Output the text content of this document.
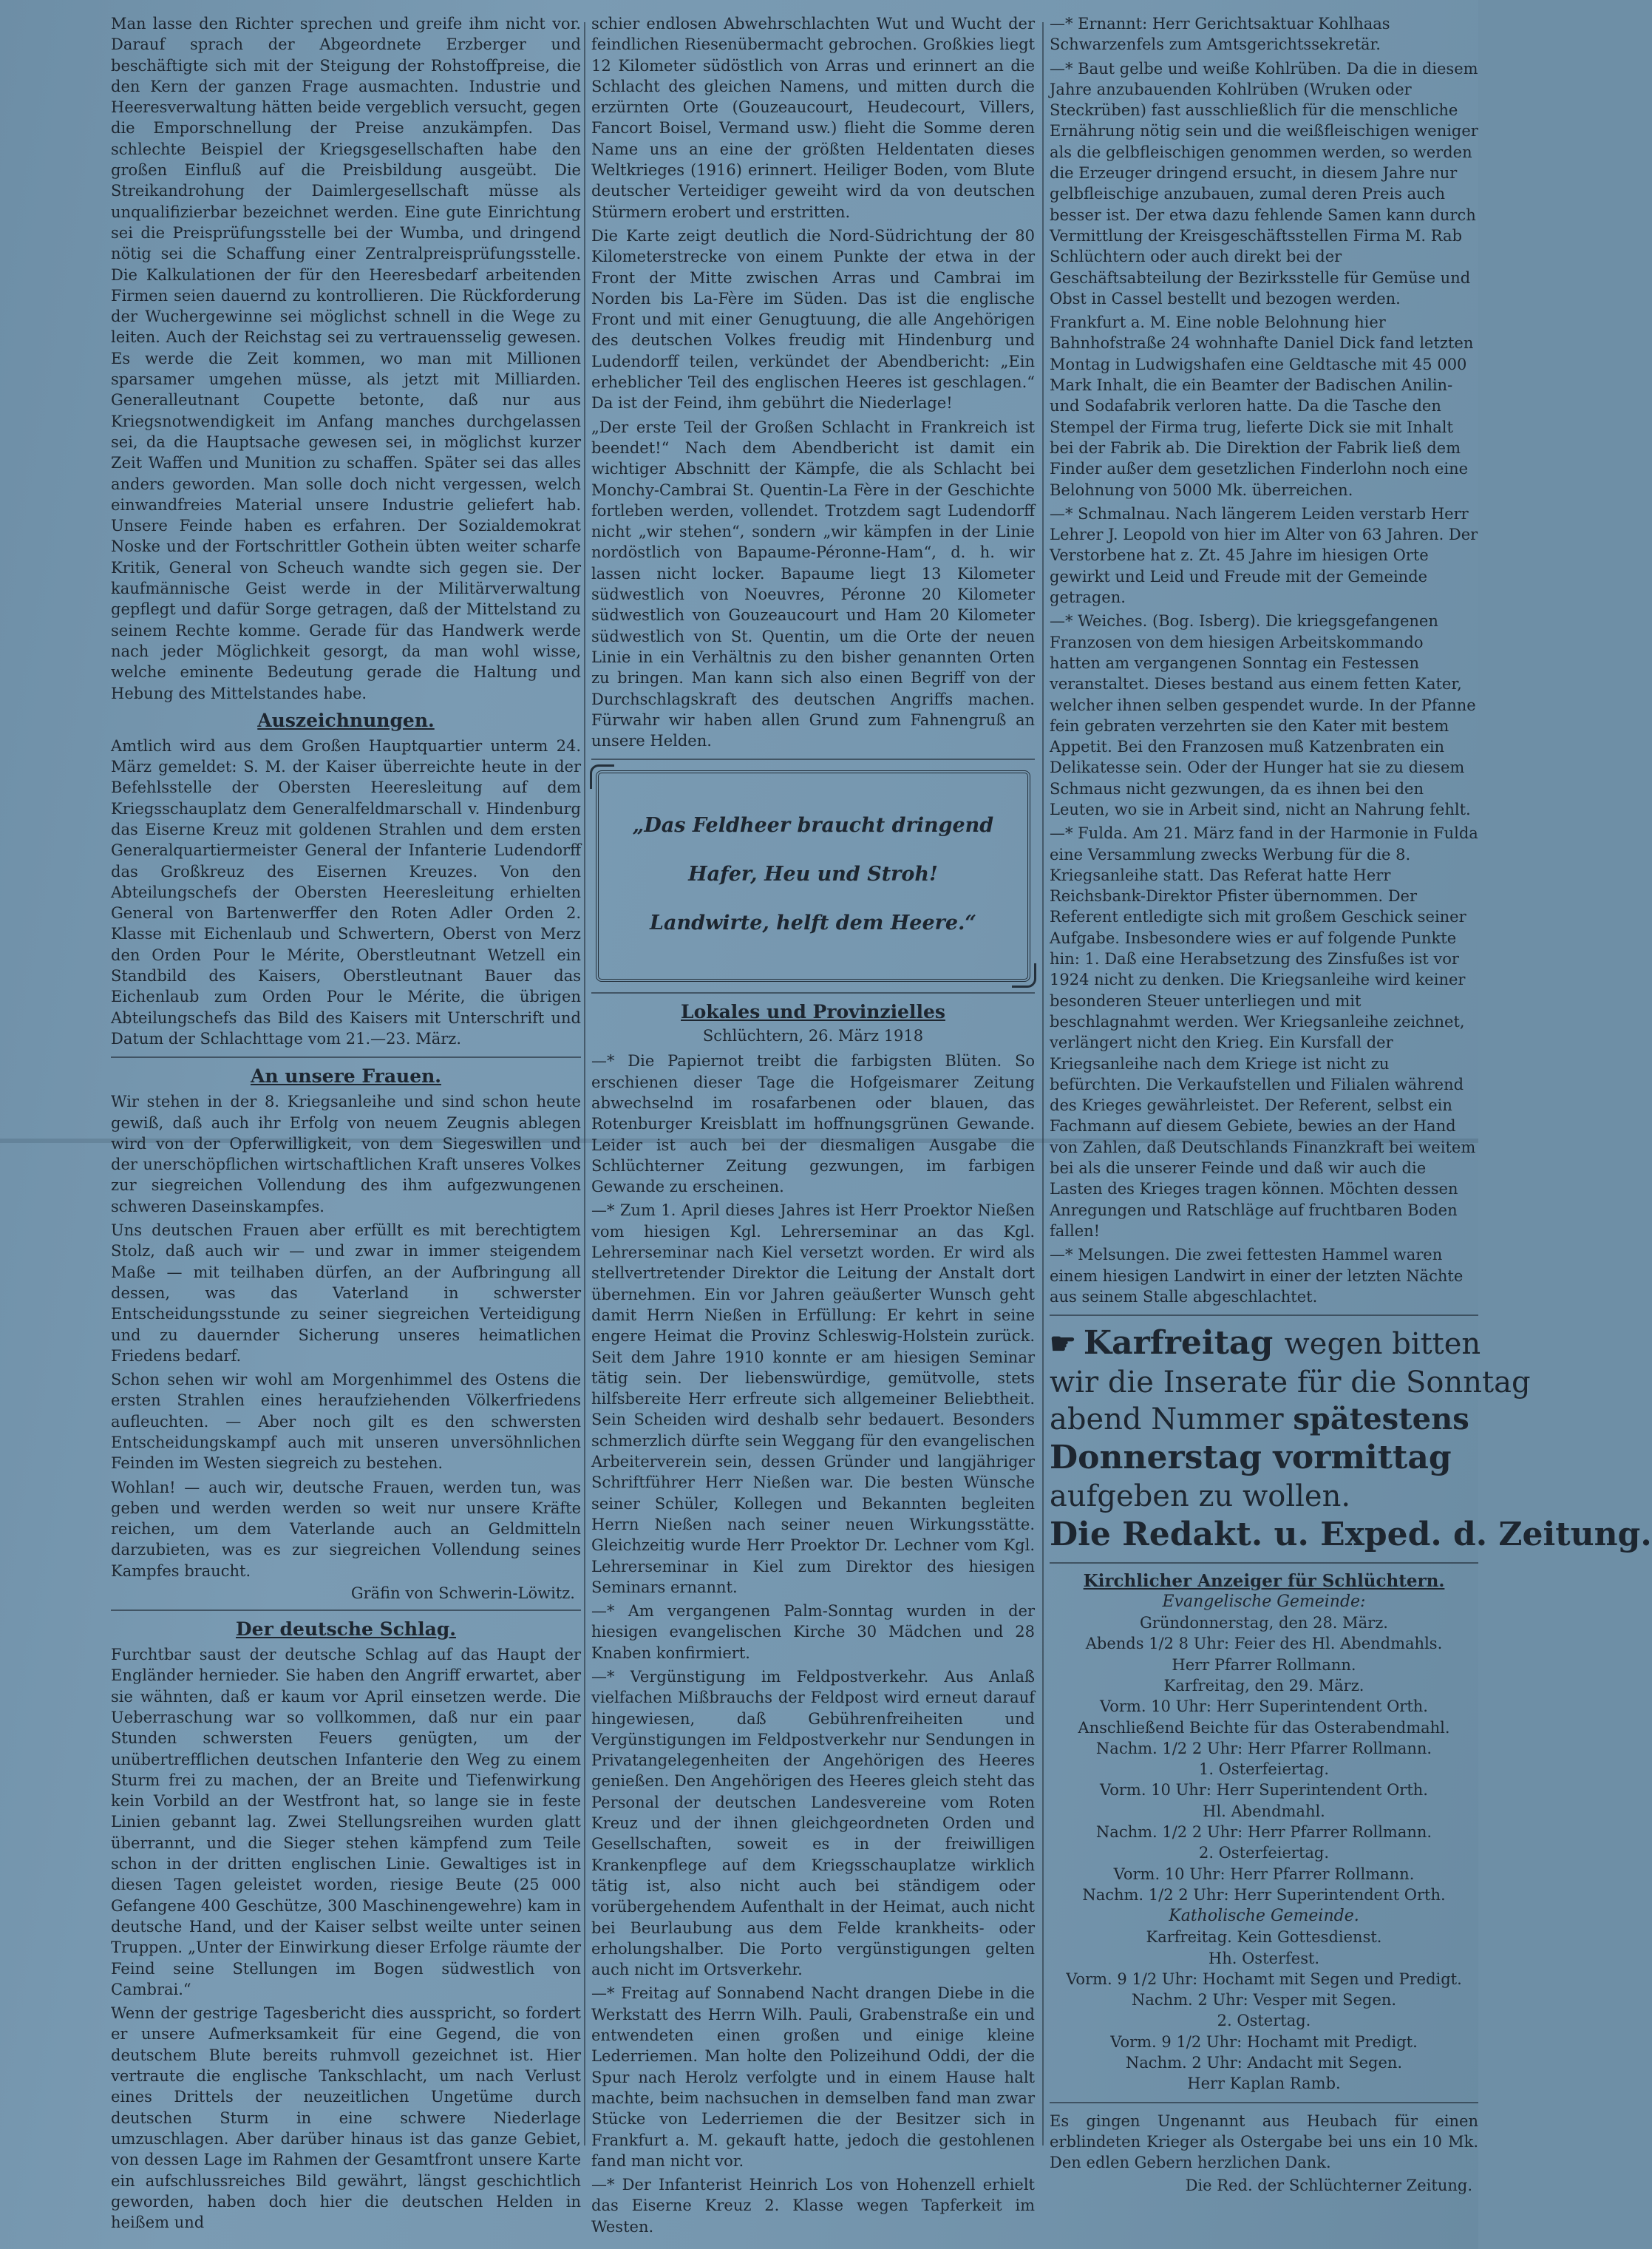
Man lasse den Richter sprechen und greife ihm nicht vor. Darauf sprach der Abgeordnete Erzberger und beschäftigte sich mit der Steigung der Rohstoffpreise, die den Kern der ganzen Frage ausmachten. Industrie und Heeresverwaltung hätten beide vergeblich versucht, gegen die Emporschnellung der Preise anzukämpfen. Das schlechte Beispiel der Kriegsgesellschaften habe den großen Einfluß auf die Preisbildung ausgeübt. Die Streikandrohung der Daimlergesellschaft müsse als unqualifizierbar bezeichnet werden. Eine gute Einrichtung sei die Preisprüfungsstelle bei der Wumba, und dringend nötig sei die Schaffung einer Zentralpreisprüfungsstelle. Die Kalkulationen der für den Heeresbedarf arbeitenden Firmen seien dauernd zu kontrollieren. Die Rückforderung der Wuchergewinne sei möglichst schnell in die Wege zu leiten. Auch der Reichstag sei zu vertrauensselig gewesen. Es werde die Zeit kommen, wo man mit Millionen sparsamer umgehen müsse, als jetzt mit Milliarden. Generalleutnant Coupette betonte, daß nur aus Kriegsnotwendigkeit im Anfang manches durchgelassen sei, da die Hauptsache gewesen sei, in möglichst kurzer Zeit Waffen und Munition zu schaffen. Später sei das alles anders geworden. Man solle doch nicht vergessen, welch einwandfreies Material unsere Industrie geliefert hab. Unsere Feinde haben es erfahren. Der Sozialdemokrat Noske und der Fortschrittler Gothein übten weiter scharfe Kritik, General von Scheuch wandte sich gegen sie. Der kaufmännische Geist werde in der Militärverwaltung gepflegt und dafür Sorge getragen, daß der Mittelstand zu seinem Rechte komme. Gerade für das Handwerk werde nach jeder Möglichkeit gesorgt, da man wohl wisse, welche eminente Bedeutung gerade die Haltung und Hebung des Mittelstandes habe.

Auszeichnungen.

Amtlich wird aus dem Großen Hauptquartier unterm 24. März gemeldet: S. M. der Kaiser überreichte heute in der Befehlsstelle der Obersten Heeresleitung auf dem Kriegsschauplatz dem Generalfeldmarschall v. Hindenburg das Eiserne Kreuz mit goldenen Strahlen und dem ersten Generalquartiermeister General der Infanterie Ludendorff das Großkreuz des Eisernen Kreuzes. Von den Abteilungschefs der Obersten Heeresleitung erhielten General von Bartenwerffer den Roten Adler Orden 2. Klasse mit Eichenlaub und Schwertern, Oberst von Merz den Orden Pour le Mérite, Oberstleutnant Wetzell ein Standbild des Kaisers, Oberstleutnant Bauer das Eichenlaub zum Orden Pour le Mérite, die übrigen Abteilungschefs das Bild des Kaisers mit Unterschrift und Datum der Schlachttage vom 21.—23. März.

An unsere Frauen.

Wir stehen in der 8. Kriegsanleihe und sind schon heute gewiß, daß auch ihr Erfolg von neuem Zeugnis ablegen wird von der Opferwilligkeit, von dem Siegeswillen und der unerschöpflichen wirtschaftlichen Kraft unseres Volkes zur siegreichen Vollendung des ihm aufgezwungenen schweren Daseinskampfes.

Uns deutschen Frauen aber erfüllt es mit berechtigtem Stolz, daß auch wir — und zwar in immer steigendem Maße — mit teilhaben dürfen, an der Aufbringung all dessen, was das Vaterland in schwerster Entscheidungsstunde zu seiner siegreichen Verteidigung und zu dauernder Sicherung unseres heimatlichen Friedens bedarf.

Schon sehen wir wohl am Morgenhimmel des Ostens die ersten Strahlen eines heraufziehenden Völkerfriedens aufleuchten. — Aber noch gilt es den schwersten Entscheidungskampf auch mit unseren unversöhnlichen Feinden im Westen siegreich zu bestehen.

Wohlan! — auch wir, deutsche Frauen, werden tun, was geben und werden werden so weit nur unsere Kräfte reichen, um dem Vaterlande auch an Geldmitteln darzubieten, was es zur siegreichen Vollendung seines Kampfes braucht.

Gräfin von Schwerin-Löwitz.
Der deutsche Schlag.

Furchtbar saust der deutsche Schlag auf das Haupt der Engländer hernieder. Sie haben den Angriff erwartet, aber sie wähnten, daß er kaum vor April einsetzen werde. Die Ueberraschung war so vollkommen, daß nur ein paar Stunden schwersten Feuers genügten, um der unübertrefflichen deutschen Infanterie den Weg zu einem Sturm frei zu machen, der an Breite und Tiefenwirkung kein Vorbild an der Westfront hat, so lange sie in feste Linien gebannt lag. Zwei Stellungsreihen wurden glatt überrannt, und die Sieger stehen kämpfend zum Teile schon in der dritten englischen Linie. Gewaltiges ist in diesen Tagen geleistet worden, riesige Beute (25 000 Gefangene 400 Geschütze, 300 Maschinengewehre) kam in deutsche Hand, und der Kaiser selbst weilte unter seinen Truppen. „Unter der Einwirkung dieser Erfolge räumte der Feind seine Stellungen im Bogen südwestlich von Cambrai.“

Wenn der gestrige Tagesbericht dies ausspricht, so fordert er unsere Aufmerksamkeit für eine Gegend, die von deutschem Blute bereits ruhmvoll gezeichnet ist. Hier vertraute die englische Tankschlacht, um nach Verlust eines Drittels der neuzeitlichen Ungetüme durch deutschen Sturm in eine schwere Niederlage umzuschlagen. Aber darüber hinaus ist das ganze Gebiet, von dessen Lage im Rahmen der Gesamtfront unsere Karte ein aufschlussreiches Bild gewährt, längst geschichtlich geworden, haben doch hier die deutschen Helden in heißem und

schier endlosen Abwehrschlachten Wut und Wucht der feindlichen Riesenübermacht gebrochen. Großkies liegt 12 Kilometer südöstlich von Arras und erinnert an die Schlacht des gleichen Namens, und mitten durch die erzürnten Orte (Gouzeaucourt, Heudecourt, Villers, Fancort Boisel, Vermand usw.) flieht die Somme deren Name uns an eine der größten Heldentaten dieses Weltkrieges (1916) erinnert. Heiliger Boden, vom Blute deutscher Verteidiger geweiht wird da von deutschen Stürmern erobert und erstritten.

Die Karte zeigt deutlich die Nord-Südrichtung der 80 Kilometerstrecke von einem Punkte der etwa in der Front der Mitte zwischen Arras und Cambrai im Norden bis La-Fère im Süden. Das ist die englische Front und mit einer Genugtuung, die alle Angehörigen des deutschen Volkes freudig mit Hindenburg und Ludendorff teilen, verkündet der Abendbericht: „Ein erheblicher Teil des englischen Heeres ist geschlagen.“ Da ist der Feind, ihm gebührt die Niederlage!

„Der erste Teil der Großen Schlacht in Frankreich ist beendet!“ Nach dem Abendbericht ist damit ein wichtiger Abschnitt der Kämpfe, die als Schlacht bei Monchy-Cambrai St. Quentin-La Fère in der Geschichte fortleben werden, vollendet. Trotzdem sagt Ludendorff nicht „wir stehen“, sondern „wir kämpfen in der Linie nordöstlich von Bapaume-Péronne-Ham“, d. h. wir lassen nicht locker. Bapaume liegt 13 Kilometer südwestlich von Noeuvres, Péronne 20 Kilometer südwestlich von Gouzeaucourt und Ham 20 Kilometer südwestlich von St. Quentin, um die Orte der neuen Linie in ein Verhältnis zu den bisher genannten Orten zu bringen. Man kann sich also einen Begriff von der Durchschlagskraft des deutschen Angriffs machen. Fürwahr wir haben allen Grund zum Fahnengruß an unsere Helden.

„Das Feldheer braucht dringend

Hafer, Heu und Stroh!

Landwirte, helft dem Heere.“

Lokales und Provinzielles
Schlüchtern, 26. März 1918

—* Die Papiernot treibt die farbigsten Blüten. So erschienen dieser Tage die Hofgeismarer Zeitung abwechselnd im rosafarbenen oder blauen, das Rotenburger Kreisblatt im hoffnungsgrünen Gewande. Leider ist auch bei der diesmaligen Ausgabe die Schlüchterner Zeitung gezwungen, im farbigen Gewande zu erscheinen.

—* Zum 1. April dieses Jahres ist Herr Proektor Nießen vom hiesigen Kgl. Lehrerseminar an das Kgl. Lehrerseminar nach Kiel versetzt worden. Er wird als stellvertretender Direktor die Leitung der Anstalt dort übernehmen. Ein vor Jahren geäußerter Wunsch geht damit Herrn Nießen in Erfüllung: Er kehrt in seine engere Heimat die Provinz Schleswig-Holstein zurück. Seit dem Jahre 1910 konnte er am hiesigen Seminar tätig sein. Der liebenswürdige, gemütvolle, stets hilfsbereite Herr erfreute sich allgemeiner Beliebtheit. Sein Scheiden wird deshalb sehr bedauert. Besonders schmerzlich dürfte sein Weggang für den evangelischen Arbeiterverein sein, dessen Gründer und langjähriger Schriftführer Herr Nießen war. Die besten Wünsche seiner Schüler, Kollegen und Bekannten begleiten Herrn Nießen nach seiner neuen Wirkungsstätte. Gleichzeitig wurde Herr Proektor Dr. Lechner vom Kgl. Lehrerseminar in Kiel zum Direktor des hiesigen Seminars ernannt.

—* Am vergangenen Palm-Sonntag wurden in der hiesigen evangelischen Kirche 30 Mädchen und 28 Knaben konfirmiert.

—* Vergünstigung im Feldpostverkehr. Aus Anlaß vielfachen Mißbrauchs der Feldpost wird erneut darauf hingewiesen, daß Gebührenfreiheiten und Vergünstigungen im Feldpostverkehr nur Sendungen in Privatangelegenheiten der Angehörigen des Heeres genießen. Den Angehörigen des Heeres gleich steht das Personal der deutschen Landesvereine vom Roten Kreuz und der ihnen gleichgeordneten Orden und Gesellschaften, soweit es in der freiwilligen Krankenpflege auf dem Kriegsschauplatze wirklich tätig ist, also nicht auch bei ständigem oder vorübergehendem Aufenthalt in der Heimat, auch nicht bei Beurlaubung aus dem Felde krankheits- oder erholungshalber. Die Porto vergünstigungen gelten auch nicht im Ortsverkehr.

—* Freitag auf Sonnabend Nacht drangen Diebe in die Werkstatt des Herrn Wilh. Pauli, Grabenstraße ein und entwendeten einen großen und einige kleine Lederriemen. Man holte den Polizeihund Oddi, der die Spur nach Herolz verfolgte und in einem Hause halt machte, beim nachsuchen in demselben fand man zwar Stücke von Lederriemen die der Besitzer sich in Frankfurt a. M. gekauft hatte, jedoch die gestohlenen fand man nicht vor.

—* Der Infanterist Heinrich Los von Hohenzell erhielt das Eiserne Kreuz 2. Klasse wegen Tapferkeit im Westen.

—* Ernannt: Herr Gerichtsaktuar Kohlhaas Schwarzenfels zum Amtsgerichtssekretär.

—* Baut gelbe und weiße Kohlrüben. Da die in diesem Jahre anzubauenden Kohlrüben (Wruken oder Steckrüben) fast ausschließlich für die menschliche Ernährung nötig sein und die weißfleischigen weniger als die gelbfleischigen genommen werden, so werden die Erzeuger dringend ersucht, in diesem Jahre nur gelbfleischige anzubauen, zumal deren Preis auch besser ist. Der etwa dazu fehlende Samen kann durch Vermittlung der Kreisgeschäftsstellen Firma M. Rab Schlüchtern oder auch direkt bei der Geschäftsabteilung der Bezirksstelle für Gemüse und Obst in Cassel bestellt und bezogen werden.

Frankfurt a. M. Eine noble Belohnung hier Bahnhofstraße 24 wohnhafte Daniel Dick fand letzten Montag in Ludwigshafen eine Geldtasche mit 45 000 Mark Inhalt, die ein Beamter der Badischen Anilin- und Sodafabrik verloren hatte. Da die Tasche den Stempel der Firma trug, lieferte Dick sie mit Inhalt bei der Fabrik ab. Die Direktion der Fabrik ließ dem Finder außer dem gesetzlichen Finderlohn noch eine Belohnung von 5000 Mk. überreichen.

—* Schmalnau. Nach längerem Leiden verstarb Herr Lehrer J. Leopold von hier im Alter von 63 Jahren. Der Verstorbene hat z. Zt. 45 Jahre im hiesigen Orte gewirkt und Leid und Freude mit der Gemeinde getragen.

—* Weiches. (Bog. Isberg). Die kriegsgefangenen Franzosen von dem hiesigen Arbeitskommando hatten am vergangenen Sonntag ein Festessen veranstaltet. Dieses bestand aus einem fetten Kater, welcher ihnen selben gespendet wurde. In der Pfanne fein gebraten verzehrten sie den Kater mit bestem Appetit. Bei den Franzosen muß Katzenbraten ein Delikatesse sein. Oder der Hunger hat sie zu diesem Schmaus nicht gezwungen, da es ihnen bei den Leuten, wo sie in Arbeit sind, nicht an Nahrung fehlt.

—* Fulda. Am 21. März fand in der Harmonie in Fulda eine Versammlung zwecks Werbung für die 8. Kriegsanleihe statt. Das Referat hatte Herr Reichsbank-Direktor Pfister übernommen. Der Referent entledigte sich mit großem Geschick seiner Aufgabe. Insbesondere wies er auf folgende Punkte hin: 1. Daß eine Herabsetzung des Zinsfußes ist vor 1924 nicht zu denken. Die Kriegsanleihe wird keiner besonderen Steuer unterliegen und mit beschlagnahmt werden. Wer Kriegsanleihe zeichnet, verlängert nicht den Krieg. Ein Kursfall der Kriegsanleihe nach dem Kriege ist nicht zu befürchten. Die Verkaufstellen und Filialen während des Krieges gewährleistet. Der Referent, selbst ein Fachmann auf diesem Gebiete, bewies an der Hand von Zahlen, daß Deutschlands Finanzkraft bei weitem bei als die unserer Feinde und daß wir auch die Lasten des Krieges tragen können. Möchten dessen Anregungen und Ratschläge auf fruchtbaren Boden fallen!

—* Melsungen. Die zwei fettesten Hammel waren einem hiesigen Landwirt in einer der letzten Nächte aus seinem Stalle abgeschlachtet.

☛ Karfreitag wegen bitten

wir die Inserate für die Sonntag

abend Nummer spätestens

Donnerstag vormittag

aufgeben zu wollen.

Die Redakt. u. Exped. d. Zeitung.

Kirchlicher Anzeiger für Schlüchtern.
Evangelische Gemeinde:

Gründonnerstag, den 28. März.

Abends 1/2 8 Uhr: Feier des Hl. Abendmahls.

Herr Pfarrer Rollmann.

Karfreitag, den 29. März.

Vorm. 10 Uhr: Herr Superintendent Orth.

Anschließend Beichte für das Osterabendmahl.

Nachm. 1/2 2 Uhr: Herr Pfarrer Rollmann.

1. Osterfeiertag.

Vorm. 10 Uhr: Herr Superintendent Orth.

Hl. Abendmahl.

Nachm. 1/2 2 Uhr: Herr Pfarrer Rollmann.

2. Osterfeiertag.

Vorm. 10 Uhr: Herr Pfarrer Rollmann.

Nachm. 1/2 2 Uhr: Herr Superintendent Orth.

Katholische Gemeinde.

Karfreitag. Kein Gottesdienst.

Hh. Osterfest.

Vorm. 9 1/2 Uhr: Hochamt mit Segen und Predigt.

Nachm. 2 Uhr: Vesper mit Segen.

2. Ostertag.

Vorm. 9 1/2 Uhr: Hochamt mit Predigt.

Nachm. 2 Uhr: Andacht mit Segen.

Herr Kaplan Ramb.

Es gingen Ungenannt aus Heubach für einen erblindeten Krieger als Ostergabe bei uns ein 10 Mk. Den edlen Gebern herzlichen Dank.

Die Red. der Schlüchterner Zeitung.
